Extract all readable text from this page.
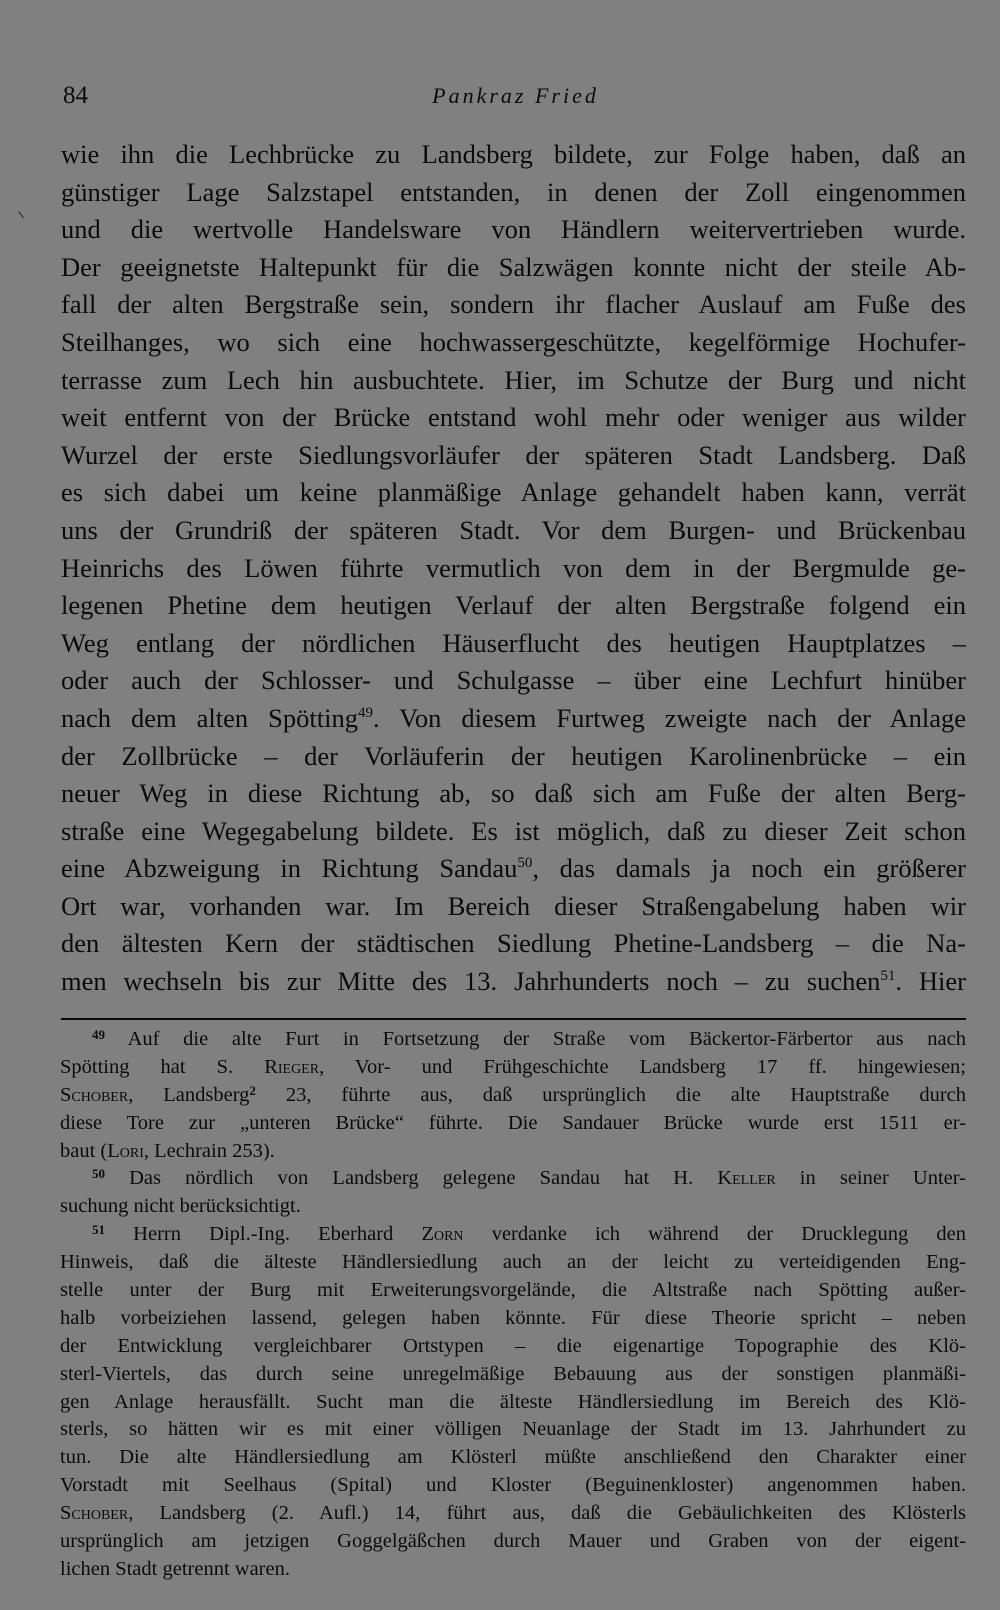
84	Pankraz Fried
wie ihn die Lechbrücke zu Landsberg bildete, zur Folge haben, daß an
günstiger Lage Salzstapel entstanden, in denen der Zoll eingenommen
und die wertvolle Handelsware von Händlern weitervertrieben wurde.
Der geeignetste Haltepunkt für die Salzwägen konnte nicht der steile Ab-
fall der alten Bergstraße sein, sondern ihr flacher Auslauf am Fuße des
Steilhanges, wo sich eine hochwassergeschützte, kegelförmige Hochufer-
terrasse zum Lech hin ausbuchtete. Hier, im Schutze der Burg und nicht
weit entfernt von der Brücke entstand wohl mehr oder weniger aus wilder
Wurzel der erste Siedlungsvorläufer der späteren Stadt Landsberg. Daß
es sich dabei um keine planmäßige Anlage gehandelt haben kann, verrät
uns der Grundriß der späteren Stadt. Vor dem Burgen- und Brückenbau
Heinrichs des Löwen führte vermutlich von dem in der Bergmulde ge-
legenen Phetine dem heutigen Verlauf der alten Bergstraße folgend ein
Weg entlang der nördlichen Häuserflucht des heutigen Hauptplatzes –
oder auch der Schlosser- und Schulgasse – über eine Lechfurt hinüber
nach dem alten Spötting$^{49}$. Von diesem Furtweg zweigte nach der Anlage
der Zollbrücke – der Vorläuferin der heutigen Karolinenbrücke – ein
neuer Weg in diese Richtung ab, so daß sich am Fuße der alten Berg-
straße eine Wegegabelung bildete. Es ist möglich, daß zu dieser Zeit schon
eine Abzweigung in Richtung Sandau$^{50}$, das damals ja noch ein größerer
Ort war, vorhanden war. Im Bereich dieser Straßengabelung haben wir
den ältesten Kern der städtischen Siedlung Phetine-Landsberg – die Na-
men wechseln bis zur Mitte des 13. Jahrhunderts noch – zu suchen$^{51}$. Hier
$^{49}$ Auf die alte Furt in Fortsetzung der Straße vom Bäckertor-Färbertor aus nach
Spötting hat S. Rieger, Vor- und Frühgeschichte Landsberg 17 ff. hingewiesen;
Schober, Landsberg$^2$ 23, führte aus, daß ursprünglich die alte Hauptstraße durch
diese Tore zur „unteren Brücke“ führte. Die Sandauer Brücke wurde erst 1511 er-
baut (Lori, Lechrain 253).
$^{50}$ Das nördlich von Landsberg gelegene Sandau hat H. Keller in seiner Unter-
suchung nicht berücksichtigt.
$^{51}$ Herrn Dipl.-Ing. Eberhard Zorn verdanke ich während der Drucklegung den
Hinweis, daß die älteste Händlersiedlung auch an der leicht zu verteidigenden Eng-
stelle unter der Burg mit Erweiterungsvorgelände, die Altstraße nach Spötting außer-
halb vorbeiziehen lassend, gelegen haben könnte. Für diese Theorie spricht – neben
der Entwicklung vergleichbarer Ortstypen – die eigenartige Topographie des Klö-
sterl-Viertels, das durch seine unregelmäßige Bebauung aus der sonstigen planmäßi-
gen Anlage herausfällt. Sucht man die älteste Händlersiedlung im Bereich des Klö-
sterls, so hätten wir es mit einer völligen Neuanlage der Stadt im 13. Jahrhundert zu
tun. Die alte Händlersiedlung am Klösterl müßte anschließend den Charakter einer
Vorstadt mit Seelhaus (Spital) und Kloster (Beguinenkloster) angenommen haben.
Schober, Landsberg (2. Aufl.) 14, führt aus, daß die Gebäulichkeiten des Klösterls
ursprünglich am jetzigen Goggelgäßchen durch Mauer und Graben von der eigent-
lichen Stadt getrennt waren.
